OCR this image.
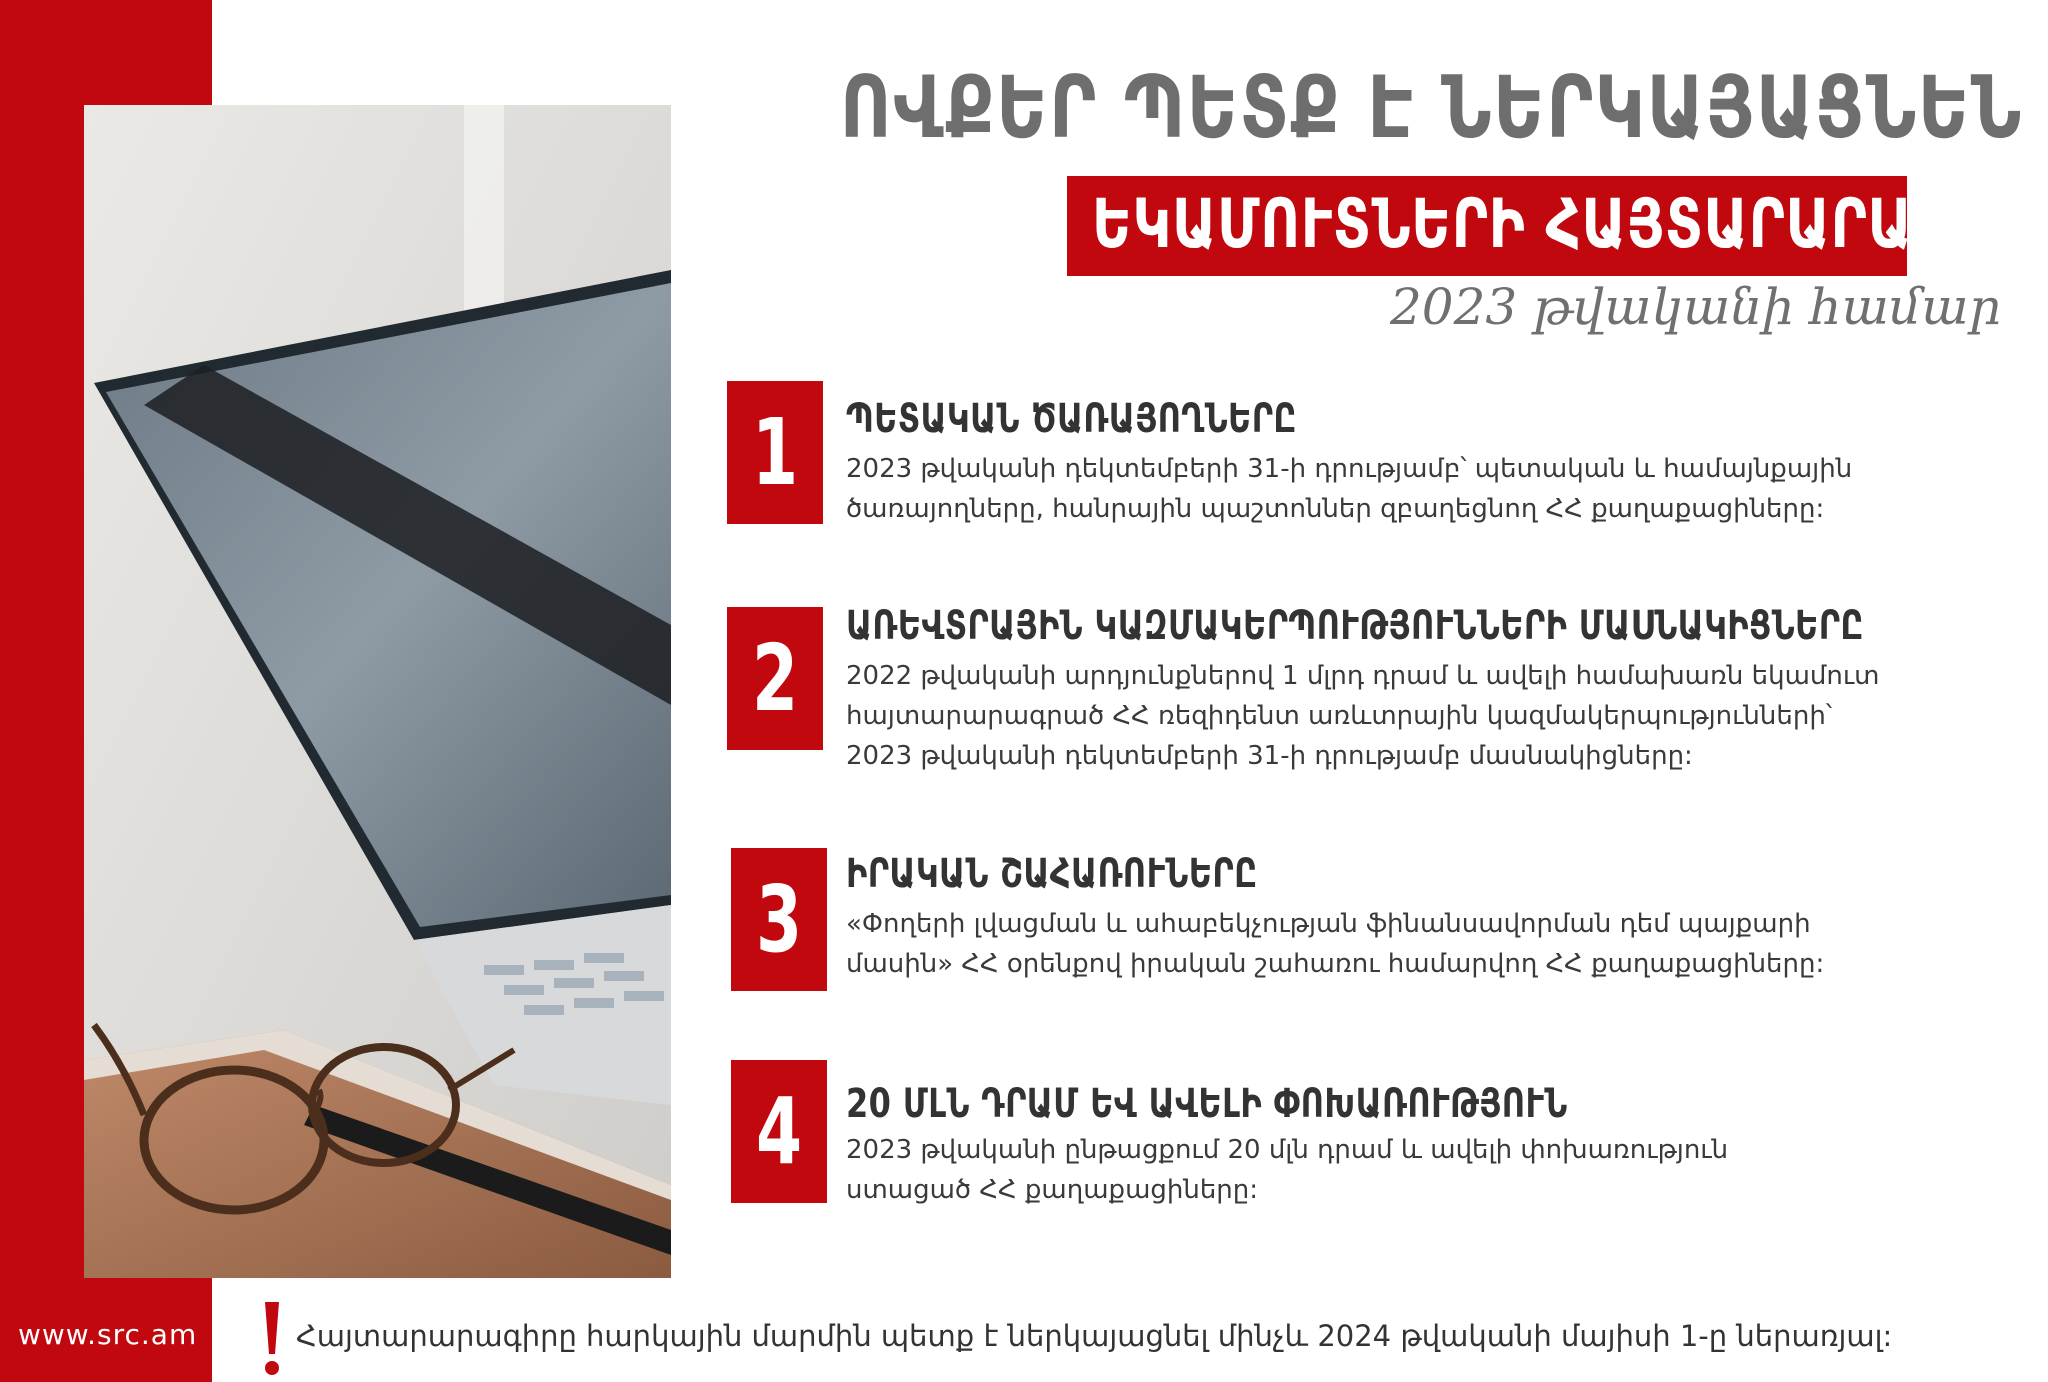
www.src.am
ՈՎՔԵՐ ՊԵՏՔ Է ՆԵՐԿԱՅԱՑՆԵՆ
ԵԿԱՄՈՒՏՆԵՐԻ ՀԱՅՏԱՐԱՐԱԳԻՐ
2023 թվականի համար
1 ՊԵՏԱԿԱՆ ԾԱՌԱՅՈՂՆԵՐԸ
2023 թվականի դեկտեմբերի 31-ի դրությամբ՝ պետական և համայնքային
ծառայողները, հանրային պաշտոններ զբաղեցնող ՀՀ քաղաքացիները:
2 ԱՌԵՎՏՐԱՅԻՆ ԿԱԶՄԱԿԵՐՊՈՒԹՅՈՒՆՆԵՐԻ ՄԱՍՆԱԿԻՑՆԵՐԸ
2022 թվականի արդյունքներով 1 մլրդ դրամ և ավելի համախառն եկամուտ
հայտարարագրած ՀՀ ռեզիդենտ առևտրային կազմակերպությունների՝
2023 թվականի դեկտեմբերի 31-ի դրությամբ մասնակիցները:
3 ԻՐԱԿԱՆ ՇԱՀԱՌՈՒՆԵՐԸ
«Փողերի լվացման և ահաբեկչության ֆինանսավորման դեմ պայքարի
մասին» ՀՀ օրենքով իրական շահառու համարվող ՀՀ քաղաքացիները:
4 20 ՄԼՆ ԴՐԱՄ ԵՎ ԱՎԵԼԻ ՓՈԽԱՌՈՒԹՅՈՒՆ
2023 թվականի ընթացքում 20 մլն դրամ և ավելի փոխառություն
ստացած ՀՀ քաղաքացիները:
Հայտարարագիրը հարկային մարմին պետք է ներկայացնել մինչև 2024 թվականի մայիսի 1-ը ներառյալ:
